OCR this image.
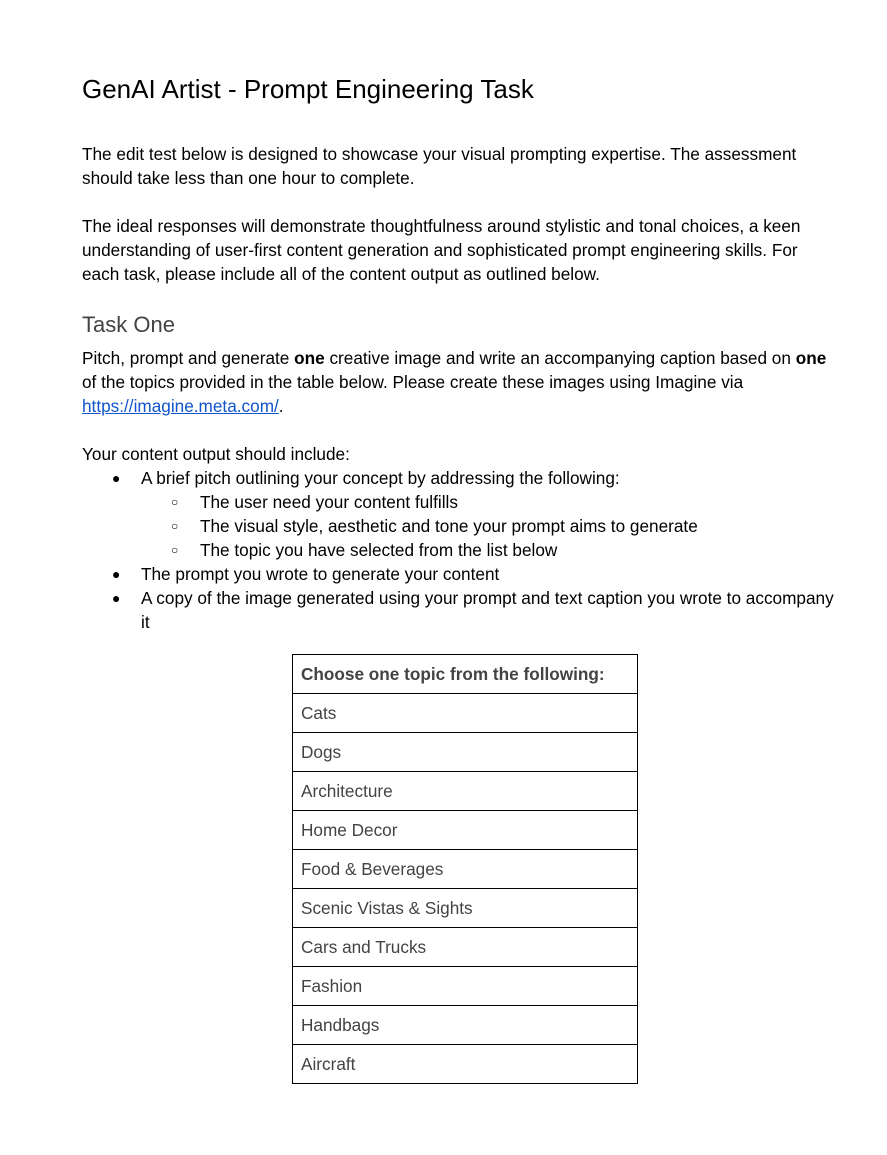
GenAI Artist - Prompt Engineering Task

The edit test below is designed to showcase your visual prompting expertise. The assessment should take less than one hour to complete.

The ideal responses will demonstrate thoughtfulness around stylistic and tonal choices, a keen understanding of user-first content generation and sophisticated prompt engineering skills. For each task, please include all of the content output as outlined below.

Task One

Pitch, prompt and generate one creative image and write an accompanying caption based on one of the topics provided in the table below. Please create these images using Imagine via https://imagine.meta.com/.

Your content output should include:

● A brief pitch outlining your concept by addressing the following:
○ The user need your content fulfills
○ The visual style, aesthetic and tone your prompt aims to generate
○ The topic you have selected from the list below
● The prompt you wrote to generate your content
● A copy of the image generated using your prompt and text caption you wrote to accompany it
Choose one topic from the following:
Cats
Dogs
Architecture
Home Decor
Food & Beverages
Scenic Vistas & Sights
Cars and Trucks
Fashion
Handbags
Aircraft
